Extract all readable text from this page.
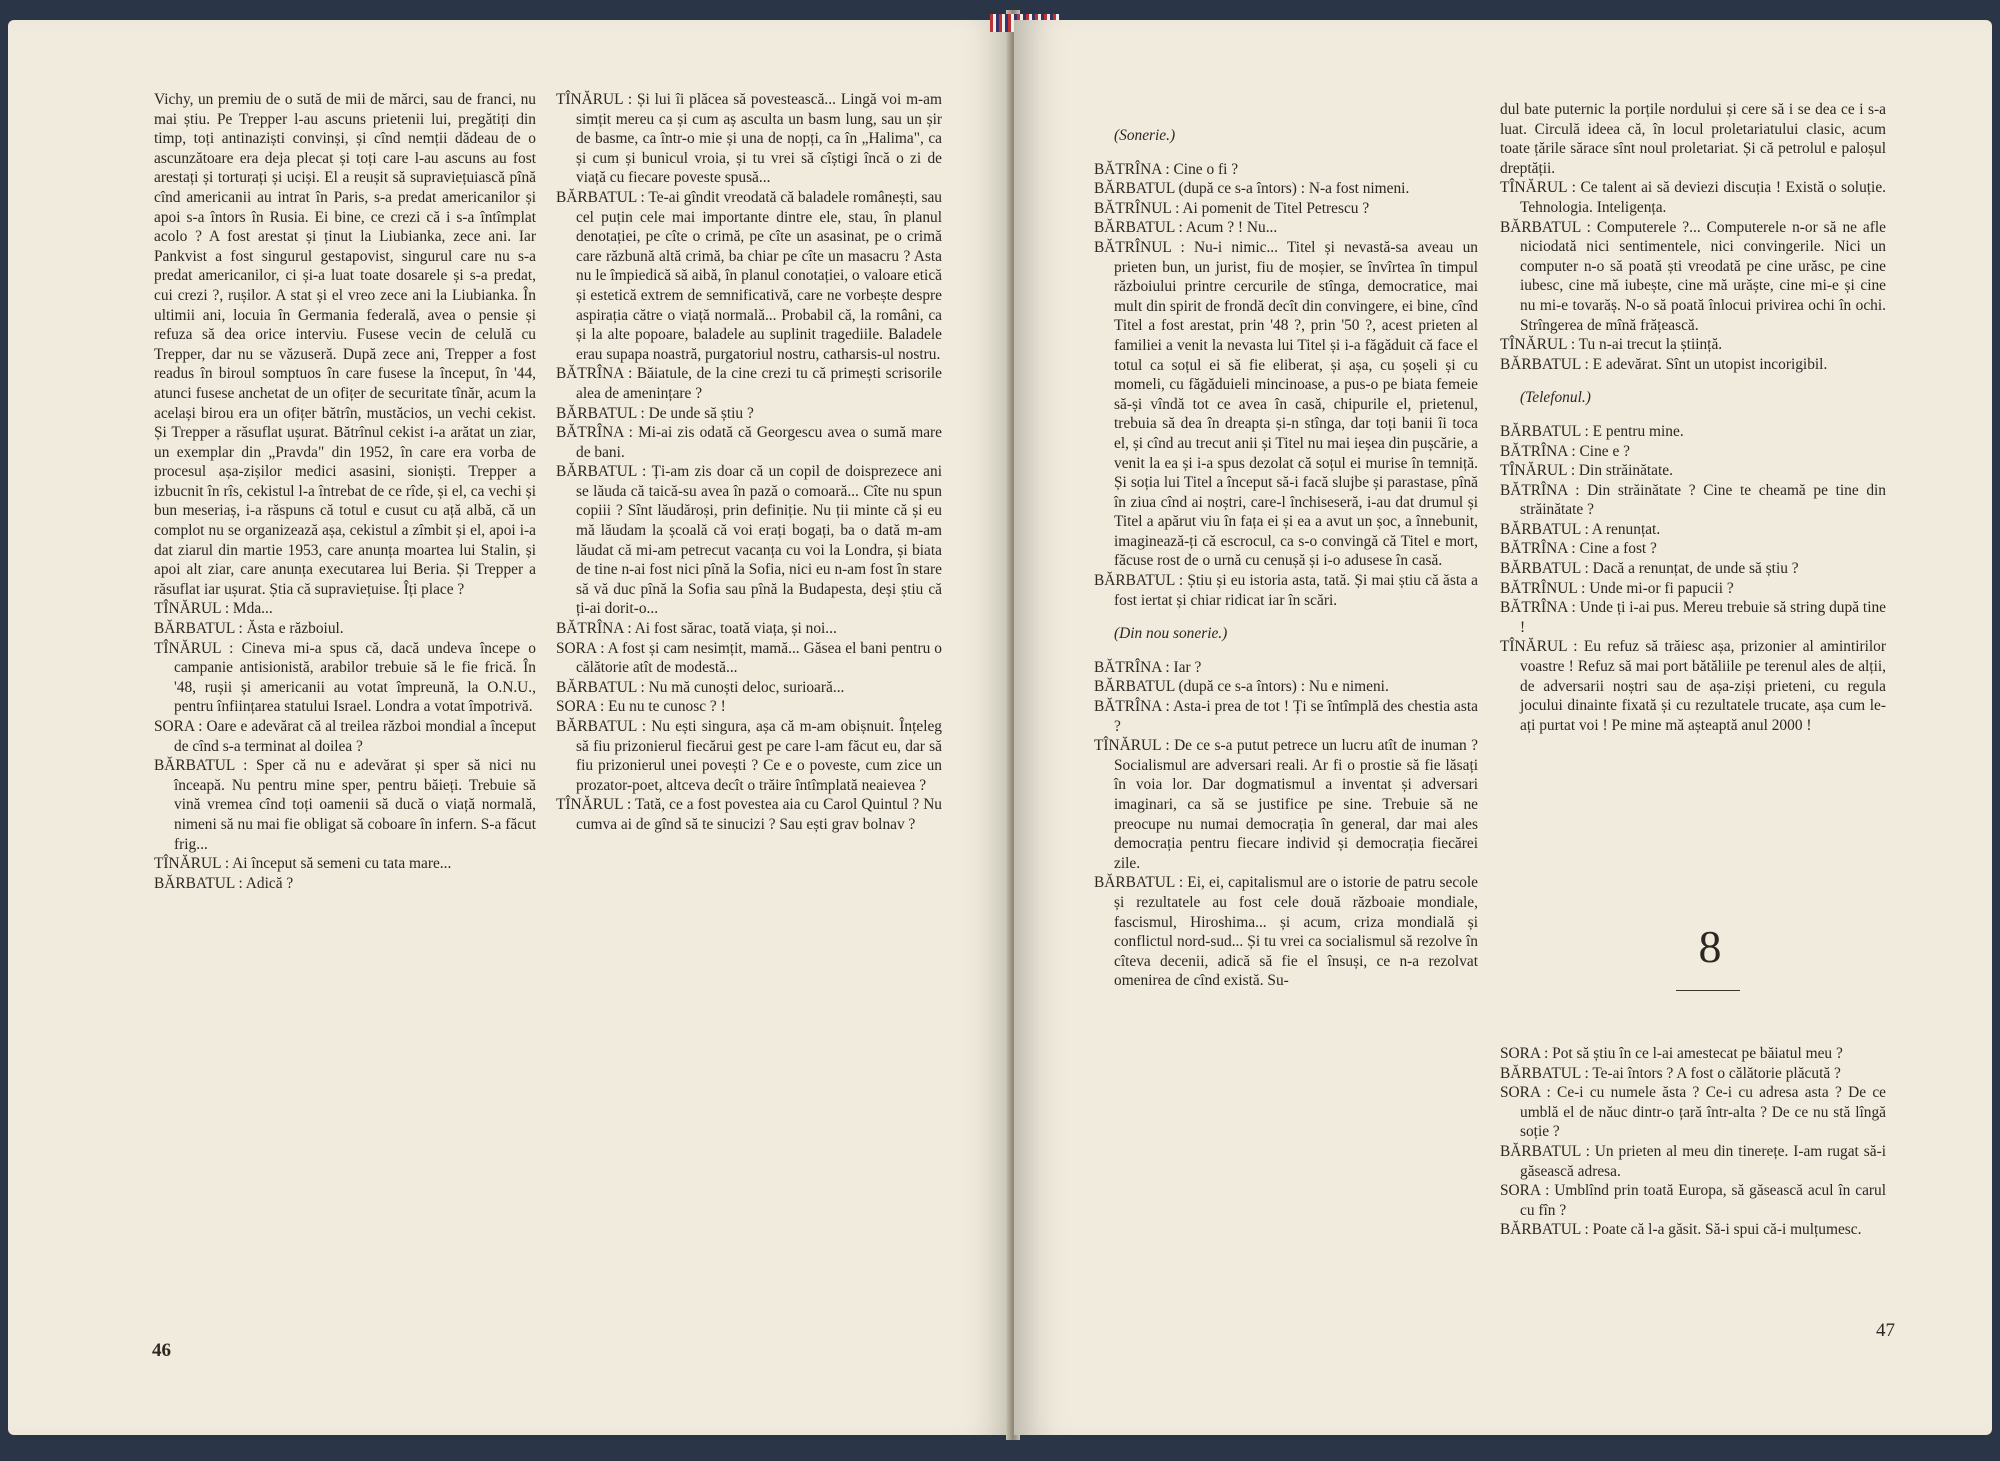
Vichy, un premiu de o sută de mii de mărci, sau de franci, nu mai știu. Pe Trepper l-au ascuns prietenii lui, pregătiți din timp, toți antinaziști convinși, și cînd nemții dădeau de o ascunzătoare era deja plecat și toți care l-au ascuns au fost arestați și torturați și uciși. El a reușit să supraviețuiască pînă cînd americanii au intrat în Paris, s-a predat americanilor și apoi s-a întors în Rusia. Ei bine, ce crezi că i s-a întîmplat acolo ? A fost arestat și ținut la Liubianka, zece ani. Iar Pankvist a fost singurul gestapovist, singurul care nu s-a predat americanilor, ci și-a luat toate dosarele și s-a predat, cui crezi ?, rușilor. A stat și el vreo zece ani la Liubianka. În ultimii ani, locuia în Germania federală, avea o pensie și refuza să dea orice interviu. Fusese vecin de celulă cu Trepper, dar nu se văzuseră. După zece ani, Trepper a fost readus în biroul somptuos în care fusese la început, în '44, atunci fusese anchetat de un ofițer de securitate tînăr, acum la același birou era un ofițer bătrîn, mustăcios, un vechi cekist. Și Trepper a răsuflat ușurat. Bătrînul cekist i-a arătat un ziar, un exemplar din „Pravda" din 1952, în care era vorba de procesul așa-zișilor medici asasini, sioniști. Trepper a izbucnit în rîs, cekistul l-a întrebat de ce rîde, și el, ca vechi și bun meseriaș, i-a răspuns că totul e cusut cu ață albă, că un complot nu se organizează așa, cekistul a zîmbit și el, apoi i-a dat ziarul din martie 1953, care anunța moartea lui Stalin, și apoi alt ziar, care anunța executarea lui Beria. Și Trepper a răsuflat iar ușurat. Știa că supraviețuise. Îți place ?

TÎNĂRUL : Mda...

BĂRBATUL : Ăsta e războiul.

TÎNĂRUL : Cineva mi-a spus că, dacă undeva începe o campanie antisionistă, arabilor trebuie să le fie frică. În '48, rușii și americanii au votat împreună, la O.N.U., pentru înființarea statului Israel. Londra a votat împotrivă.

SORA : Oare e adevărat că al treilea război mondial a început de cînd s-a terminat al doilea ?

BĂRBATUL : Sper că nu e adevărat și sper să nici nu înceapă. Nu pentru mine sper, pentru băieți. Trebuie să vină vremea cînd toți oamenii să ducă o viață normală, nimeni să nu mai fie obligat să coboare în infern. S-a făcut frig...

TÎNĂRUL : Ai început să semeni cu tata mare...

BĂRBATUL : Adică ?

TÎNĂRUL : Și lui îi plăcea să povestească... Lingă voi m-am simțit mereu ca și cum aș asculta un basm lung, sau un șir de basme, ca într-o mie și una de nopți, ca în „Halima", ca și cum și bunicul vroia, și tu vrei să cîștigi încă o zi de viață cu fiecare poveste spusă...

BĂRBATUL : Te-ai gîndit vreodată că baladele românești, sau cel puțin cele mai importante dintre ele, stau, în planul denotației, pe cîte o crimă, pe cîte un asasinat, pe o crimă care răzbună altă crimă, ba chiar pe cîte un masacru ? Asta nu le împiedică să aibă, în planul conotației, o valoare etică și estetică extrem de semnificativă, care ne vorbește despre aspirația către o viață normală... Probabil că, la români, ca și la alte popoare, baladele au suplinit tragediile. Baladele erau supapa noastră, purgatoriul nostru, catharsis-ul nostru.

BĂTRÎNA : Băiatule, de la cine crezi tu că primești scrisorile alea de amenințare ?

BĂRBATUL : De unde să știu ?

BĂTRÎNA : Mi-ai zis odată că Georgescu avea o sumă mare de bani.

BĂRBATUL : Ți-am zis doar că un copil de doisprezece ani se lăuda că taică-su avea în pază o comoară... Cîte nu spun copiii ? Sînt lăudăroși, prin definiție. Nu ții minte că și eu mă lăudam la școală că voi erați bogați, ba o dată m-am lăudat că mi-am petrecut vacanța cu voi la Londra, și biata de tine n-ai fost nici pînă la Sofia, nici eu n-am fost în stare să vă duc pînă la Sofia sau pînă la Budapesta, deși știu că ți-ai dorit-o...

BĂTRÎNA : Ai fost sărac, toată viața, și noi...

SORA : A fost și cam nesimțit, mamă... Găsea el bani pentru o călătorie atît de modestă...

BĂRBATUL : Nu mă cunoști deloc, surioară...

SORA : Eu nu te cunosc ? !

BĂRBATUL : Nu ești singura, așa că m-am obișnuit. Înțeleg să fiu prizonierul fiecărui gest pe care l-am făcut eu, dar să fiu prizonierul unei povești ? Ce e o poveste, cum zice un prozator-poet, altceva decît o trăire întîmplată neaievea ?

TÎNĂRUL : Tată, ce a fost povestea aia cu Carol Quintul ? Nu cumva ai de gînd să te sinucizi ? Sau ești grav bolnav ?

46

(Sonerie.)

BĂTRÎNA : Cine o fi ?

BĂRBATUL (după ce s-a întors) : N-a fost nimeni.

BĂTRÎNUL : Ai pomenit de Titel Petrescu ?

BĂRBATUL : Acum ? ! Nu...

BĂTRÎNUL : Nu-i nimic... Titel și nevastă-sa aveau un prieten bun, un jurist, fiu de moșier, se învîrtea în timpul războiului printre cercurile de stînga, democratice, mai mult din spirit de frondă decît din convingere, ei bine, cînd Titel a fost arestat, prin '48 ?, prin '50 ?, acest prieten al familiei a venit la nevasta lui Titel și i-a făgăduit că face el totul ca soțul ei să fie eliberat, și așa, cu șoșeli și cu momeli, cu făgăduieli mincinoase, a pus-o pe biata femeie să-și vîndă tot ce avea în casă, chipurile el, prietenul, trebuia să dea în dreapta și-n stînga, dar toți banii îi toca el, și cînd au trecut anii și Titel nu mai ieșea din pușcărie, a venit la ea și i-a spus dezolat că soțul ei murise în temniță. Și soția lui Titel a început să-i facă slujbe și parastase, pînă în ziua cînd ai noștri, care-l închiseseră, i-au dat drumul și Titel a apărut viu în fața ei și ea a avut un șoc, a înnebunit, imaginează-ți că escrocul, ca s-o convingă că Titel e mort, făcuse rost de o urnă cu cenușă și i-o adusese în casă.

BĂRBATUL : Știu și eu istoria asta, tată. Și mai știu că ăsta a fost iertat și chiar ridicat iar în scări.

(Din nou sonerie.)

BĂTRÎNA : Iar ?

BĂRBATUL (după ce s-a întors) : Nu e nimeni.

BĂTRÎNA : Asta-i prea de tot ! Ți se întîmplă des chestia asta ?

TÎNĂRUL : De ce s-a putut petrece un lucru atît de inuman ? Socialismul are adversari reali. Ar fi o prostie să fie lăsați în voia lor. Dar dogmatismul a inventat și adversari imaginari, ca să se justifice pe sine. Trebuie să ne preocupe nu numai democrația în general, dar mai ales democrația pentru fiecare individ și democrația fiecărei zile.

BĂRBATUL : Ei, ei, capitalismul are o istorie de patru secole și rezultatele au fost cele două războaie mondiale, fascismul, Hiroshima... și acum, criza mondială și conflictul nord-sud... Și tu vrei ca socialismul să rezolve în cîteva decenii, adică să fie el însuși, ce n-a rezolvat omenirea de cînd există. Su-

dul bate puternic la porțile nordului și cere să i se dea ce i s-a luat. Circulă ideea că, în locul proletariatului clasic, acum toate țările sărace sînt noul proletariat. Și că petrolul e paloșul dreptății.

TÎNĂRUL : Ce talent ai să deviezi discuția ! Există o soluție. Tehnologia. Inteligența.

BĂRBATUL : Computerele ?... Computerele n-or să ne afle niciodată nici sentimentele, nici convingerile. Nici un computer n-o să poată ști vreodată pe cine urăsc, pe cine iubesc, cine mă iubește, cine mă urăște, cine mi-e și cine nu mi-e tovarăș. N-o să poată înlocui privirea ochi în ochi. Strîngerea de mînă frățească.

TÎNĂRUL : Tu n-ai trecut la știință.

BĂRBATUL : E adevărat. Sînt un utopist incorigibil.

(Telefonul.)

BĂRBATUL : E pentru mine.

BĂTRÎNA : Cine e ?

TÎNĂRUL : Din străinătate.

BĂTRÎNA : Din străinătate ? Cine te cheamă pe tine din străinătate ?

BĂRBATUL : A renunțat.

BĂTRÎNA : Cine a fost ?

BĂRBATUL : Dacă a renunțat, de unde să știu ?

BĂTRÎNUL : Unde mi-or fi papucii ?

BĂTRÎNA : Unde ți i-ai pus. Mereu trebuie să string după tine !

TÎNĂRUL : Eu refuz să trăiesc așa, prizonier al amintirilor voastre ! Refuz să mai port bătăliile pe terenul ales de alții, de adversarii noștri sau de așa-ziși prieteni, cu regula jocului dinainte fixată și cu rezultatele trucate, așa cum le-ați purtat voi ! Pe mine mă așteaptă anul 2000 !

SORA : Pot să știu în ce l-ai amestecat pe băiatul meu ?

BĂRBATUL : Te-ai întors ? A fost o călătorie plăcută ?

SORA : Ce-i cu numele ăsta ? Ce-i cu adresa asta ? De ce umblă el de năuc dintr-o țară într-alta ? De ce nu stă lîngă soție ?

BĂRBATUL : Un prieten al meu din tinerețe. I-am rugat să-i găsească adresa.

SORA : Umblînd prin toată Europa, să găsească acul în carul cu fîn ?

BĂRBATUL : Poate că l-a găsit. Să-i spui că-i mulțumesc.

47
8
